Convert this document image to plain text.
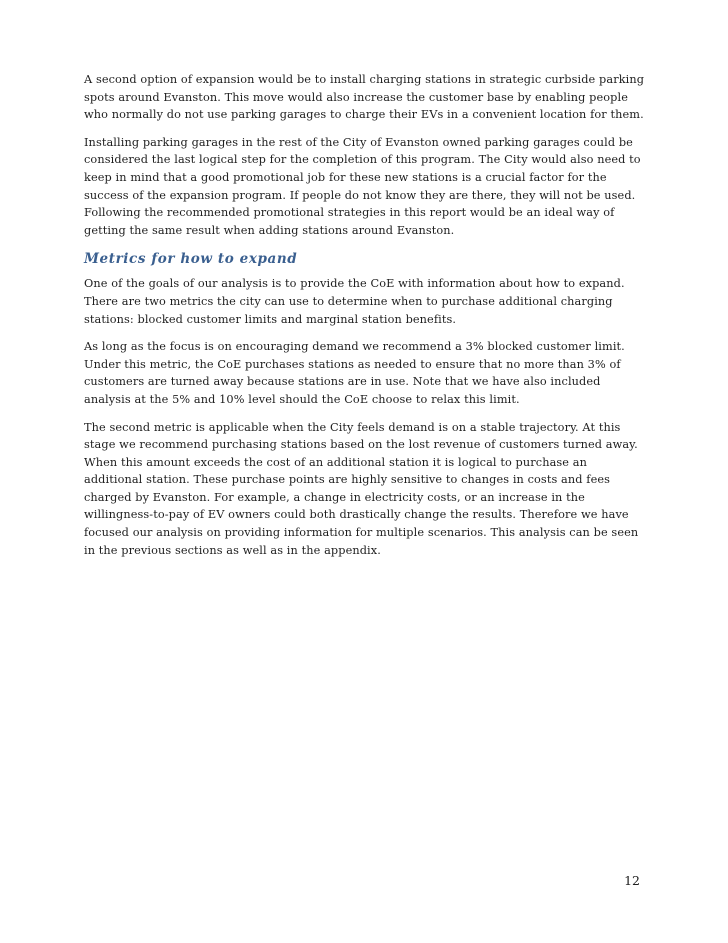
A second option of expansion would be to install charging stations in strategic curbside parking spots around Evanston. This move would also increase the customer base by enabling people who normally do not use parking garages to charge their EVs in a convenient location for them.

Installing parking garages in the rest of the City of Evanston owned parking garages could be considered the last logical step for the completion of this program. The City would also need to keep in mind that a good promotional job for these new stations is a crucial factor for the success of the expansion program. If people do not know they are there, they will not be used. Following the recommended promotional strategies in this report would be an ideal way of getting the same result when adding stations around Evanston.

Metrics for how to expand

One of the goals of our analysis is to provide the CoE with information about how to expand. There are two metrics the city can use to determine when to purchase additional charging stations: blocked customer limits and marginal station benefits.

As long as the focus is on encouraging demand we recommend a 3% blocked customer limit. Under this metric, the CoE purchases stations as needed to ensure that no more than 3% of customers are turned away because stations are in use. Note that we have also included analysis at the 5% and 10% level should the CoE choose to relax this limit.

The second metric is applicable when the City feels demand is on a stable trajectory. At this stage we recommend purchasing stations based on the lost revenue of customers turned away. When this amount exceeds the cost of an additional station it is logical to purchase an additional station. These purchase points are highly sensitive to changes in costs and fees charged by Evanston. For example, a change in electricity costs, or an increase in the willingness-to-pay of EV owners could both drastically change the results. Therefore we have focused our analysis on providing information for multiple scenarios. This analysis can be seen in the previous sections as well as in the appendix.

12
